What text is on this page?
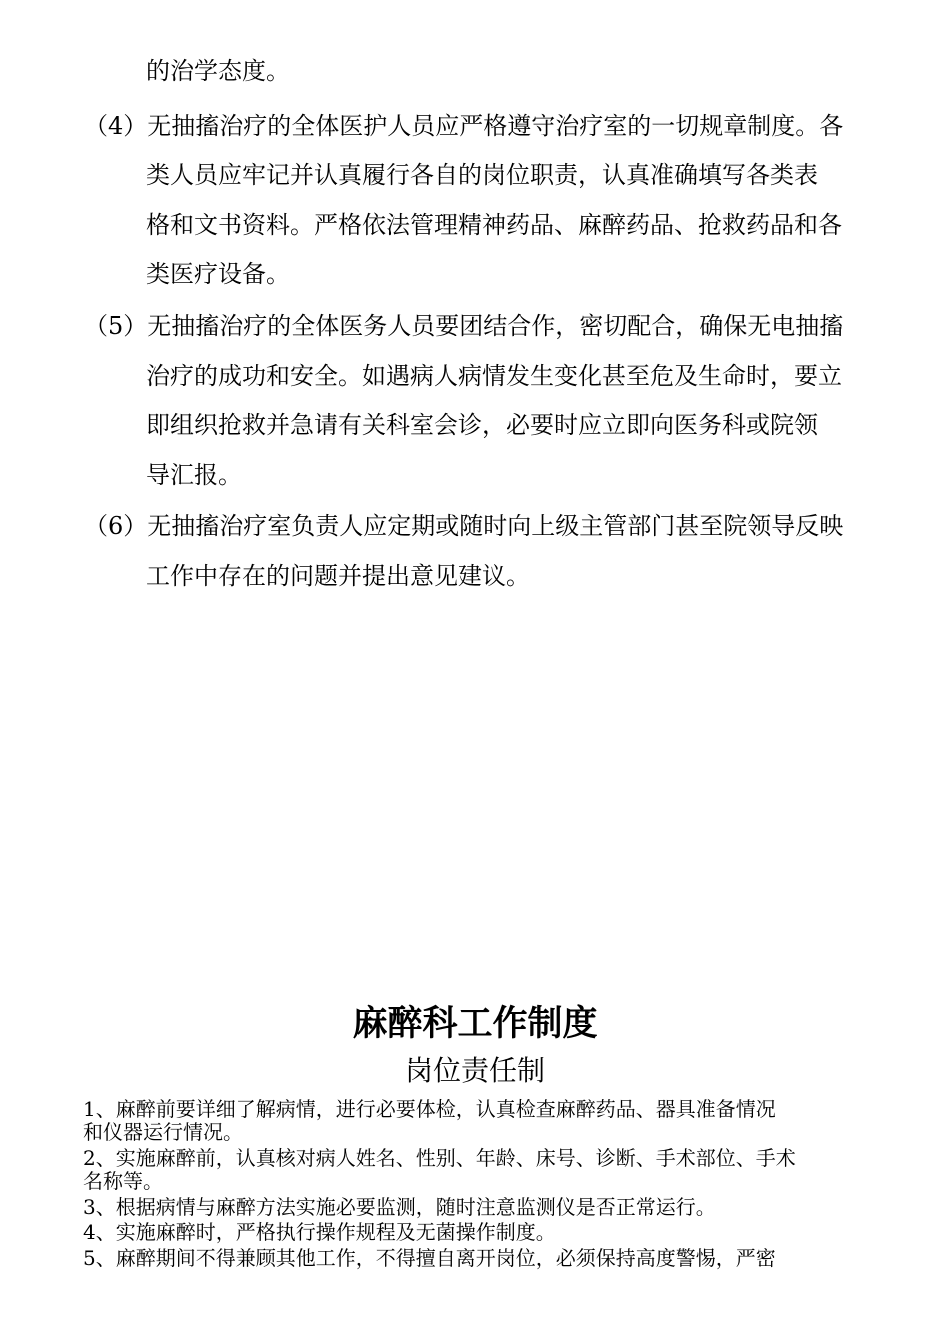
的治学态度。
（4）无抽搐治疗的全体医护人员应严格遵守治疗室的一切规章制度。各
类人员应牢记并认真履行各自的岗位职责，认真准确填写各类表
格和文书资料。严格依法管理精神药品、麻醉药品、抢救药品和各
类医疗设备。
（5）无抽搐治疗的全体医务人员要团结合作，密切配合，确保无电抽搐
治疗的成功和安全。如遇病人病情发生变化甚至危及生命时，要立
即组织抢救并急请有关科室会诊，必要时应立即向医务科或院领
导汇报。
（6）无抽搐治疗室负责人应定期或随时向上级主管部门甚至院领导反映
工作中存在的问题并提出意见建议。
麻醉科工作制度
岗位责任制
1、麻醉前要详细了解病情，进行必要体检，认真检查麻醉药品、器具准备情况
和仪器运行情况。
2、实施麻醉前，认真核对病人姓名、性别、年龄、床号、诊断、手术部位、手术
名称等。
3、根据病情与麻醉方法实施必要监测，随时注意监测仪是否正常运行。
4、实施麻醉时，严格执行操作规程及无菌操作制度。
5、麻醉期间不得兼顾其他工作，不得擅自离开岗位，必须保持高度警惕，严密
